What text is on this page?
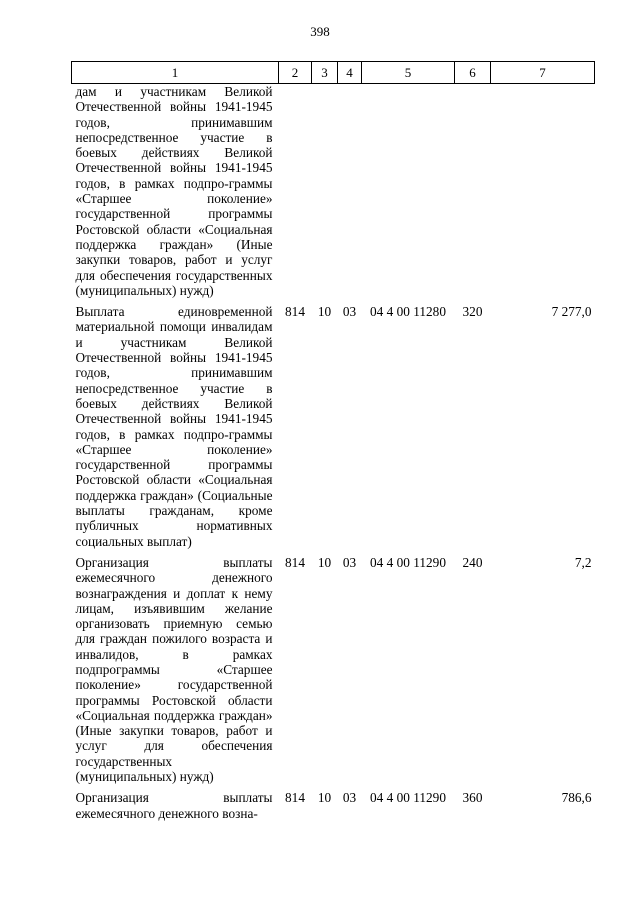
398
1	2	3	4	5	6	7
дам и участникам Великой Отечественной войны 1941-1945 годов, принимавшим непосредственное участие в боевых действиях Великой Отечественной войны 1941-1945 годов, в рамках подпро-граммы «Старшее поколение» государственной программы Ростовской области «Социальная поддержка граждан» (Иные закупки товаров, работ и услуг для обеспечения государственных (муниципальных) нужд)						
Выплата единовременной материальной помощи инвалидам и участникам Великой Отечественной войны 1941-1945 годов, принимавшим непосредственное участие в боевых действиях Великой Отечественной войны 1941-1945 годов, в рамках подпро-граммы «Старшее поколение» государственной программы Ростовской области «Социальная поддержка граждан» (Социальные выплаты гражданам, кроме публичных нормативных социальных выплат)	814	10	03	04 4 00 11280	320	7 277,0
Организация выплаты ежемесячного денежного вознаграждения и доплат к нему лицам, изъявившим желание организовать приемную семью для граждан пожилого возраста и инвалидов, в рамках подпрограммы «Старшее поколение» государственной программы Ростовской области «Социальная поддержка граждан» (Иные закупки товаров, работ и услуг для обеспечения государственных (муниципальных) нужд)	814	10	03	04 4 00 11290	240	7,2
Организация выплаты ежемесячного денежного возна-	814	10	03	04 4 00 11290	360	786,6
